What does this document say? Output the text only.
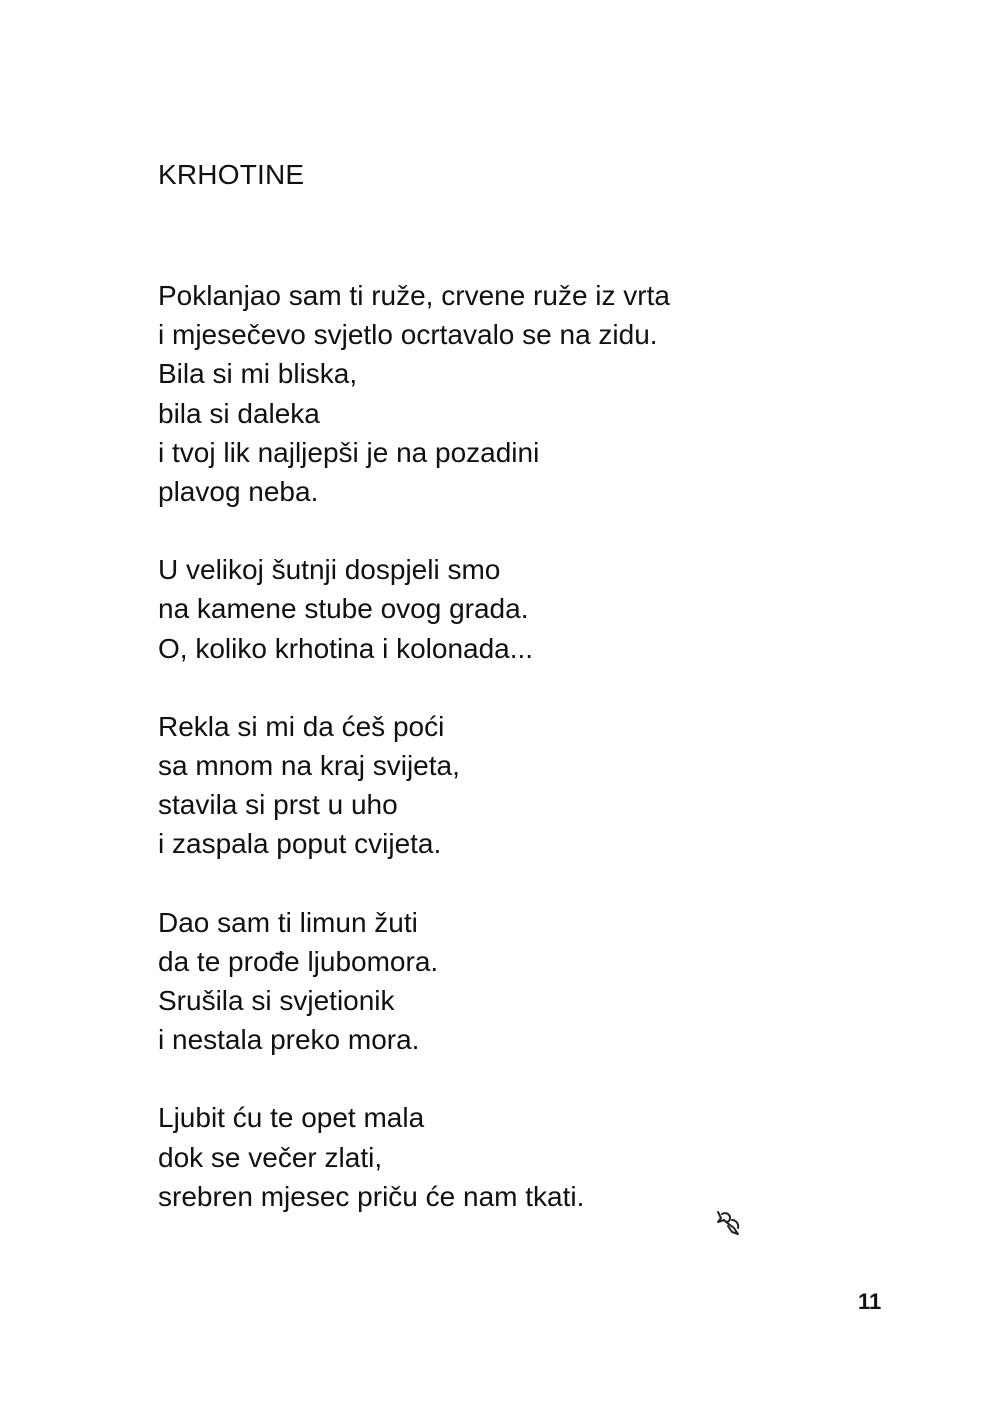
KRHOTINE
Poklanjao sam ti ruže, crvene ruže iz vrta
i mjesečevo svjetlo ocrtavalo se na zidu.
Bila si mi bliska,
bila si daleka
i tvoj lik najljepši je na pozadini
plavog neba.
U velikoj šutnji dospjeli smo
na kamene stube ovog grada.
O, koliko krhotina i kolonada...
Rekla si mi da ćeš poći
sa mnom na kraj svijeta,
stavila si prst u uho
i zaspala poput cvijeta.
Dao sam ti limun žuti
da te prođe ljubomora.
Srušila si svjetionik
i nestala preko mora.
Ljubit ću te opet mala
dok se večer zlati,
srebren mjesec priču će nam tkati.
11
